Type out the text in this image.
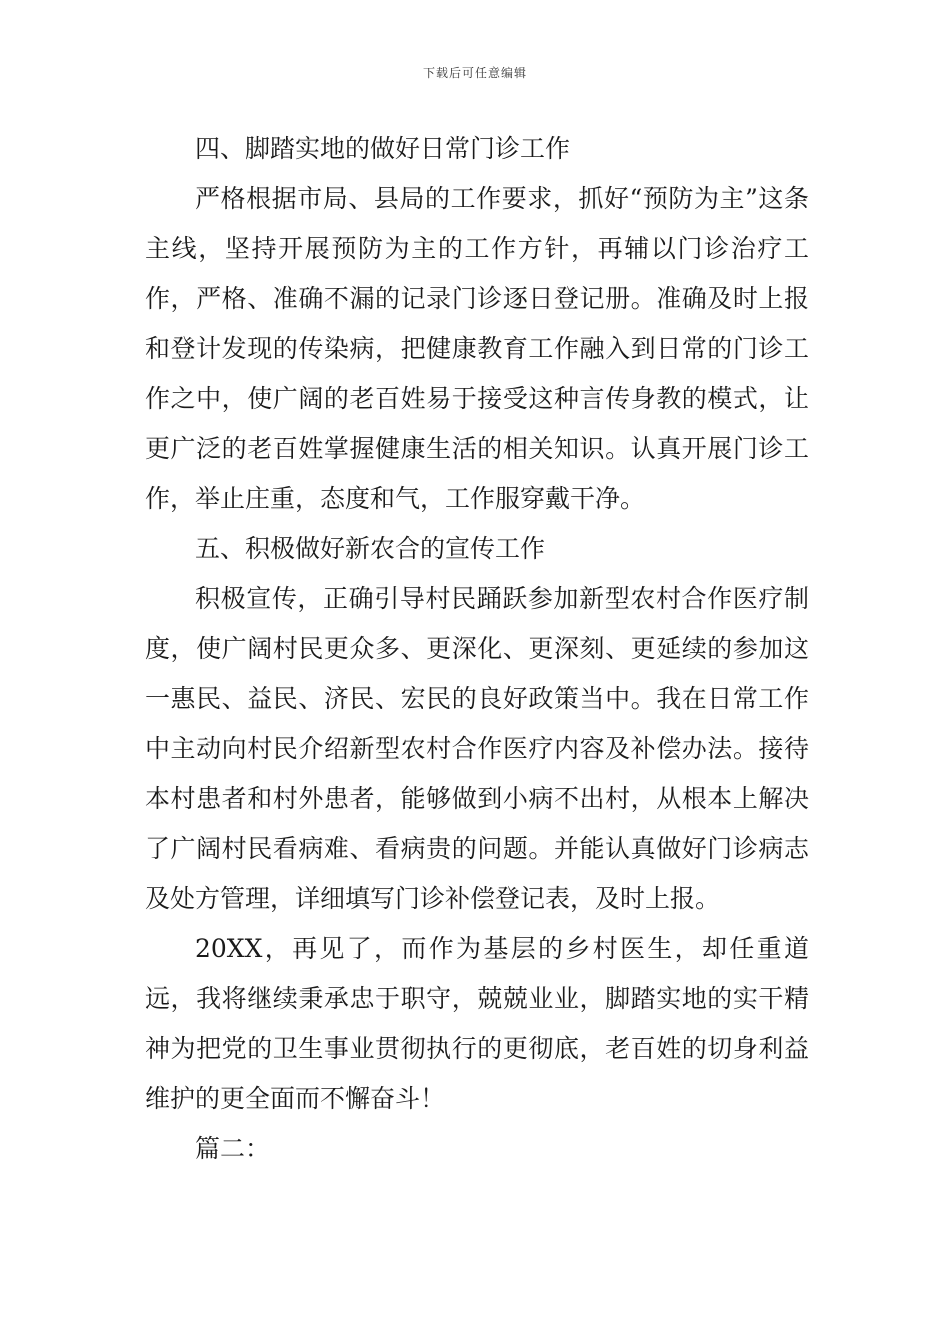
下载后可任意编辑

四、脚踏实地的做好日常门诊工作

严格根据市局、县局的工作要求，抓好“预防为主”这条主线，坚持开展预防为主的工作方针，再辅以门诊治疗工作，严格、准确不漏的记录门诊逐日登记册。准确及时上报和登计发现的传染病，把健康教育工作融入到日常的门诊工作之中，使广阔的老百姓易于接受这种言传身教的模式，让更广泛的老百姓掌握健康生活的相关知识。认真开展门诊工作，举止庄重，态度和气，工作服穿戴干净。

五、积极做好新农合的宣传工作

积极宣传，正确引导村民踊跃参加新型农村合作医疗制度，使广阔村民更众多、更深化、更深刻、更延续的参加这一惠民、益民、济民、宏民的良好政策当中。我在日常工作中主动向村民介绍新型农村合作医疗内容及补偿办法。接待本村患者和村外患者，能够做到小病不出村，从根本上解决了广阔村民看病难、看病贵的问题。并能认真做好门诊病志及处方管理，详细填写门诊补偿登记表，及时上报。

20XX，再见了，而作为基层的乡村医生，却任重道远，我将继续秉承忠于职守，兢兢业业，脚踏实地的实干精神为把党的卫生事业贯彻执行的更彻底，老百姓的切身利益维护的更全面而不懈奋斗！

篇二：
